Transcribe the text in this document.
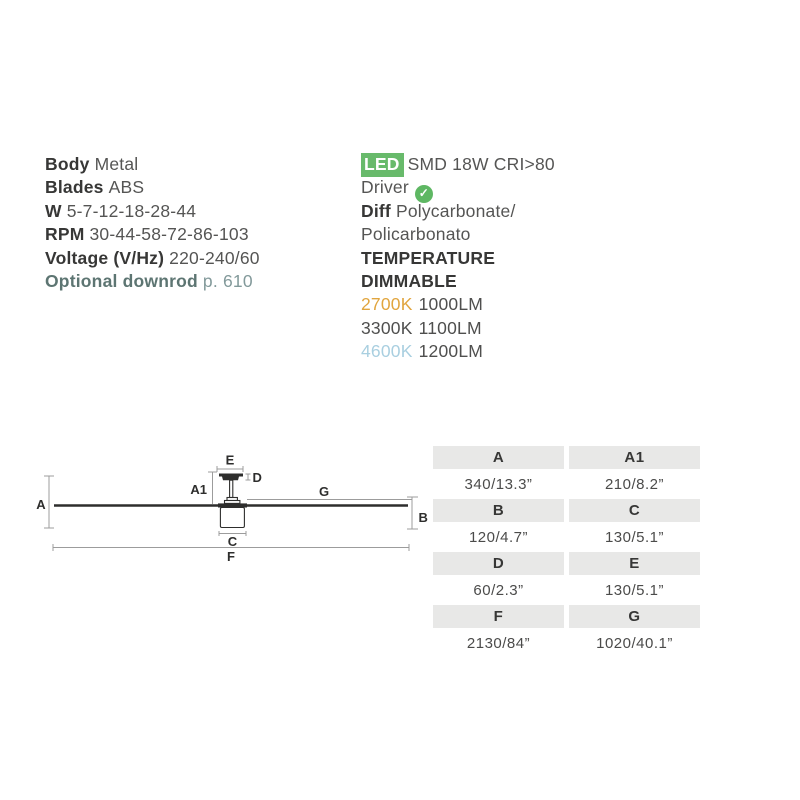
Body Metal
Blades ABS
W 5-7-12-18-28-44
RPM 30-44-58-72-86-103
Voltage (V/Hz) 220-240/60
Optional downrod p. 610
LED SMD 18W CRI>80
Driver ✓
Diff Polycarbonate/
Policarbonato
TEMPERATURE
DIMMABLE
2700K 1000LM
3300K 1100LM
4600K 1200LM
A
A1
E
D
G
B
C
F
A	A1
340/13.3”	210/8.2”
B	C
120/4.7”	130/5.1”
D	E
60/2.3”	130/5.1”
F	G
2130/84”	1020/40.1”
